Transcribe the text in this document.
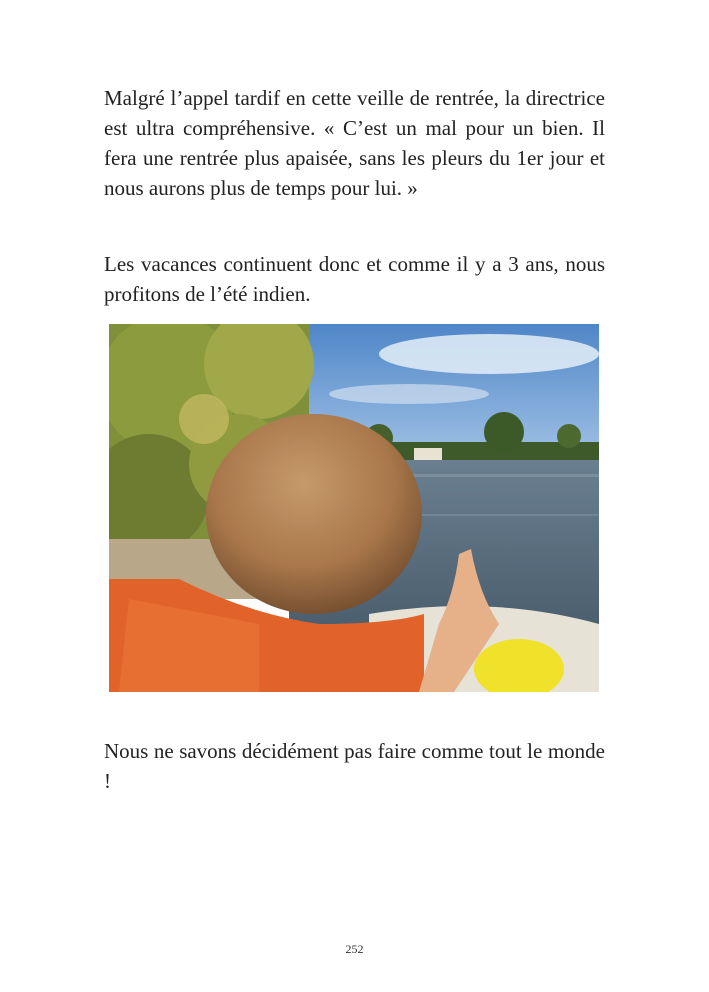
Malgré l’appel tardif en cette veille de rentrée, la directrice est ultra compréhensive. « C’est un mal pour un bien. Il fera une rentrée plus apaisée, sans les pleurs du 1er jour et nous aurons plus de temps pour lui. »

Les vacances continuent donc et comme il y a 3 ans, nous profitons de l’été indien.

Nous ne savons décidément pas faire comme tout le monde !

252
